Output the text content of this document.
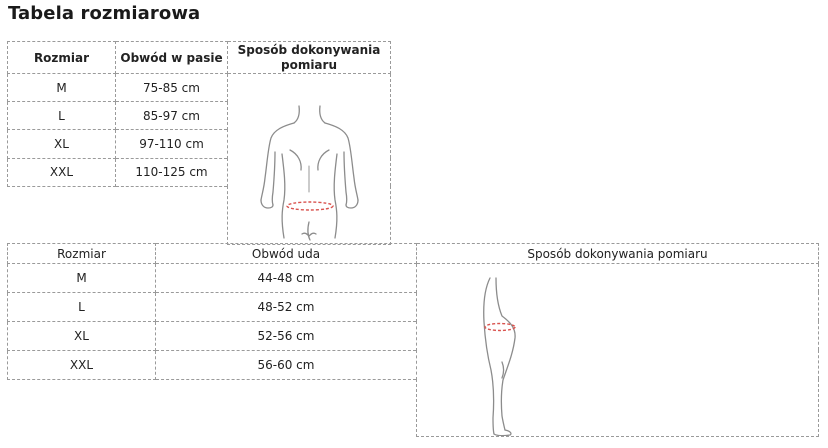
Tabela rozmiarowa
Rozmiar	Obwód w pasie	Sposób dokonywania pomiaru
M	75-85 cm	

L	85-97 cm	
XL	97-110 cm	
XXL	110-125 cm	

Rozmiar	Obwód uda	Sposób dokonywania pomiaru
M	44-48 cm	

L	48-52 cm	
XL	52-56 cm	
XXL	56-60 cm	
